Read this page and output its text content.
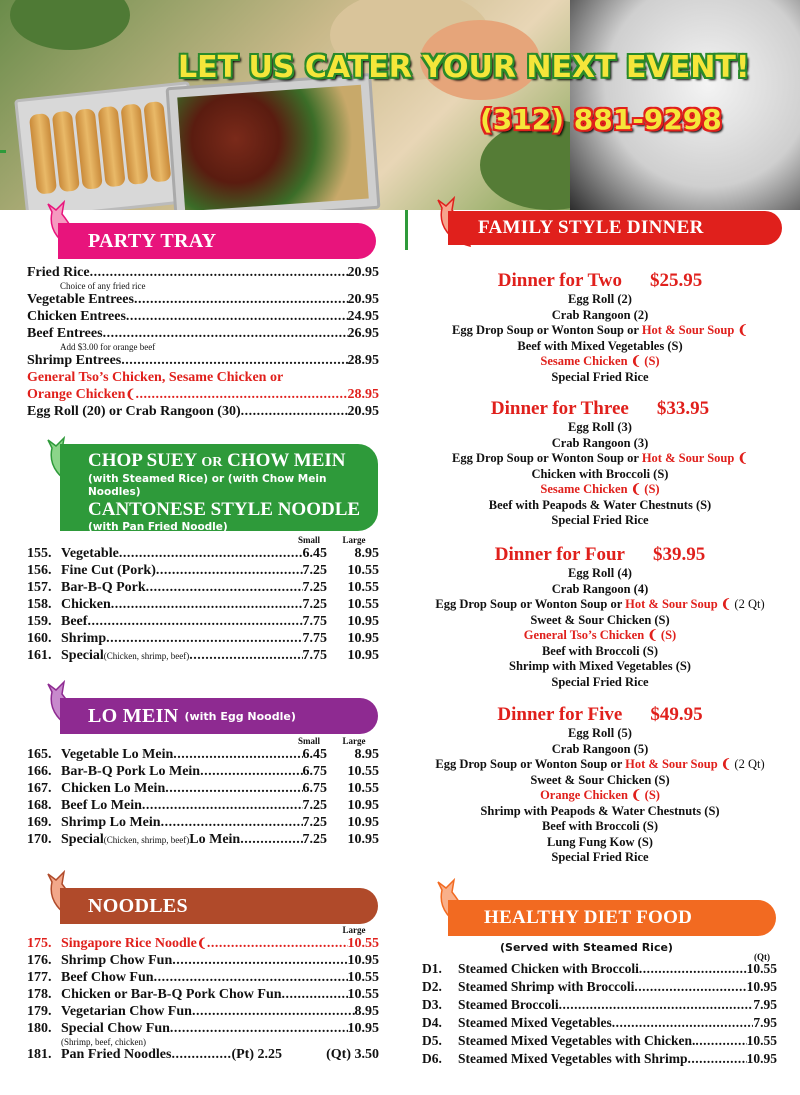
LET US CATER YOUR NEXT EVENT!
(312) 881-9298
PARTY TRAY
Fried Rice .....	20.95
Choice of any fried rice
Vegetable Entrees .....	20.95
Chicken Entrees .....	24.95
Beef Entrees .....	26.95
Add $3.00 for orange beef
Shrimp Entrees .....	28.95
General Tso’s Chicken, Sesame Chicken or
Orange Chicken ❨ .....	28.95
Egg Roll (20) or Crab Rangoon (30) .....	20.95
CHOP SUEY OR CHOW MEIN
(with Steamed Rice) or (with Chow Mein Noodles)
CANTONESE STYLE NOODLE
(with Pan Fried Noodle)
Small	Large
155. Vegetable .....	6.45	8.95
156. Fine Cut (Pork) .....	7.25	10.55
157. Bar-B-Q Pork .....	7.25	10.55
158. Chicken .....	7.25	10.55
159. Beef .....	7.75	10.95
160. Shrimp .....	7.75	10.95
161. Special (Chicken, shrimp, beef) .....	7.75	10.95
LO MEIN (with Egg Noodle)
Small	Large
165. Vegetable Lo Mein .....	6.45	8.95
166. Bar-B-Q Pork Lo Mein .....	6.75	10.55
167. Chicken Lo Mein .....	6.75	10.55
168. Beef Lo Mein .....	7.25	10.95
169. Shrimp Lo Mein .....	7.25	10.95
170. Special (Chicken, shrimp, beef) Lo Mein .....	7.25	10.95
NOODLES
Large
175. Singapore Rice Noodle ❨ .....	10.55
176. Shrimp Chow Fun .....	10.95
177. Beef Chow Fun .....	10.55
178. Chicken or Bar-B-Q Pork Chow Fun .....	10.55
179. Vegetarian Chow Fun .....	8.95
180. Special Chow Fun .....	10.95
(Shrimp, beef, chicken)
181. Pan Fried Noodles .....	(Pt) 2.25	(Qt) 3.50
FAMILY STYLE DINNER
Dinner for Two $25.95
Egg Roll (2)
Crab Rangoon (2)
Egg Drop Soup or Wonton Soup or Hot & Sour Soup ❨
Beef with Mixed Vegetables (S)
Sesame Chicken ❨ (S)
Special Fried Rice
Dinner for Three $33.95
Egg Roll (3)
Crab Rangoon (3)
Egg Drop Soup or Wonton Soup or Hot & Sour Soup ❨
Chicken with Broccoli (S)
Sesame Chicken ❨ (S)
Beef with Peapods & Water Chestnuts (S)
Special Fried Rice
Dinner for Four $39.95
Egg Roll (4)
Crab Rangoon (4)
Egg Drop Soup or Wonton Soup or Hot & Sour Soup ❨ (2 Qt)
Sweet & Sour Chicken (S)
General Tso’s Chicken ❨ (S)
Beef with Broccoli (S)
Shrimp with Mixed Vegetables (S)
Special Fried Rice
Dinner for Five $49.95
Egg Roll (5)
Crab Rangoon (5)
Egg Drop Soup or Wonton Soup or Hot & Sour Soup ❨ (2 Qt)
Sweet & Sour Chicken (S)
Orange Chicken ❨ (S)
Shrimp with Peapods & Water Chestnuts (S)
Beef with Broccoli (S)
Lung Fung Kow (S)
Special Fried Rice
HEALTHY DIET FOOD
(Served with Steamed Rice)
(Qt)
D1.	Steamed Chicken with Broccoli .....	10.55
D2.	Steamed Shrimp with Broccoli .....	10.95
D3.	Steamed Broccoli .....	7.95
D4.	Steamed Mixed Vegetables .....	7.95
D5.	Steamed Mixed Vegetables with Chicken. .....	10.55
D6.	Steamed Mixed Vegetables with Shrimp .....	10.95
